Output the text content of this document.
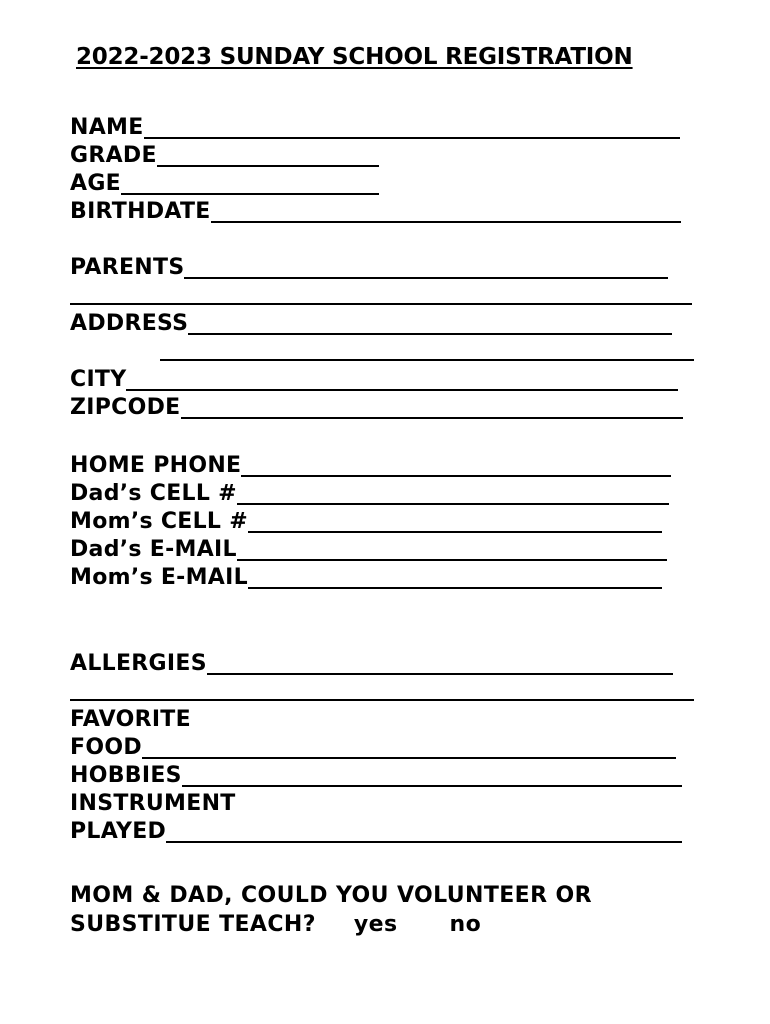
2022-2023 SUNDAY SCHOOL REGISTRATION
NAME
GRADE
AGE
BIRTHDATE
PARENTS
ADDRESS
CITY
ZIPCODE
HOME PHONE
Dad’s CELL #
Mom’s CELL #
Dad’s E-MAIL
Mom’s E-MAIL
ALLERGIES
FAVORITE
FOOD
HOBBIES
INSTRUMENT
PLAYED
MOM & DAD, COULD YOU VOLUNTEER OR
SUBSTITUE TEACH? yes no
